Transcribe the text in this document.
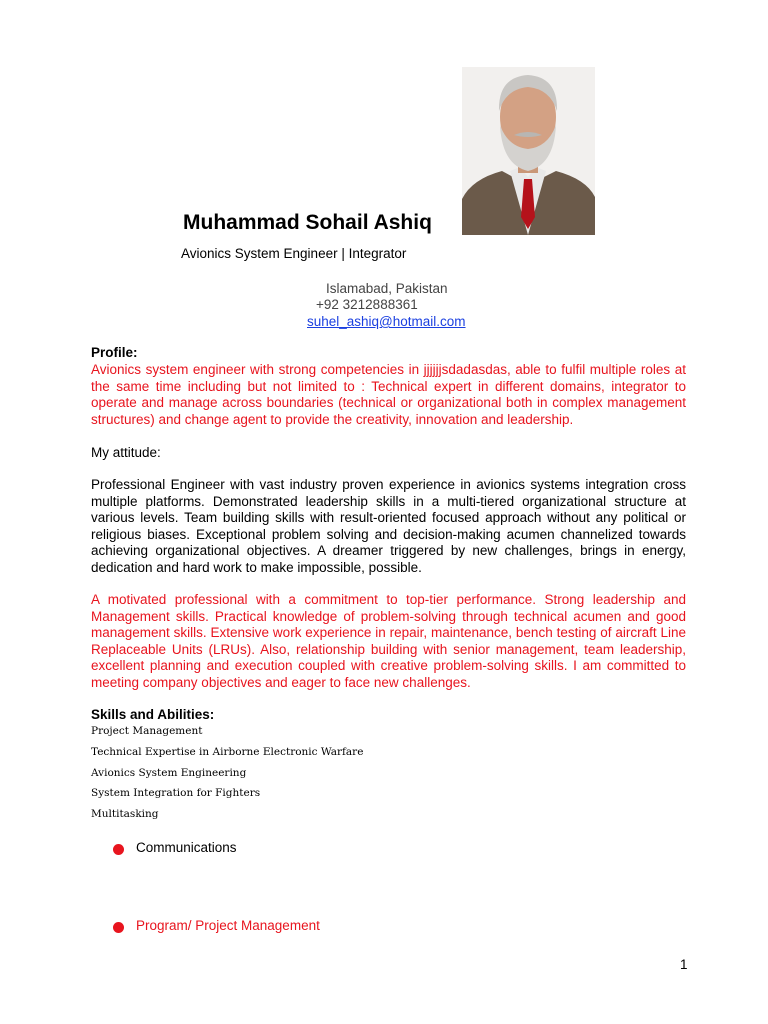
Muhammad Sohail Ashiq
Avionics System Engineer | Integrator
Islamabad, Pakistan
+92 3212888361
suhel_ashiq@hotmail.com
Profile:
Avionics system engineer with strong competencies in jjjjjjsdadasdas, able to fulfil multiple roles at the same time including but not limited to : Technical expert in different domains, integrator to operate and manage across boundaries (technical or organizational both in complex management structures) and change agent to provide the creativity, innovation and leadership.
My attitude:
Professional Engineer with vast industry proven experience in avionics systems integration cross multiple platforms. Demonstrated leadership skills in a multi-tiered organizational structure at various levels. Team building skills with result-oriented focused approach without any political or religious biases. Exceptional problem solving and decision-making acumen channelized towards achieving organizational objectives. A dreamer triggered by new challenges, brings in energy, dedication and hard work to make impossible, possible.
A motivated professional with a commitment to top-tier performance. Strong leadership and Management skills. Practical knowledge of problem-solving through technical acumen and good management skills. Extensive work experience in repair, maintenance, bench testing of aircraft Line Replaceable Units (LRUs). Also, relationship building with senior management, team leadership, excellent planning and execution coupled with creative problem-solving skills. I am committed to meeting company objectives and eager to face new challenges.
Skills and Abilities:
Project Management
Technical Expertise in Airborne Electronic Warfare
Avionics System Engineering
System Integration for Fighters
Multitasking
Communications
Program/ Project Management
1
